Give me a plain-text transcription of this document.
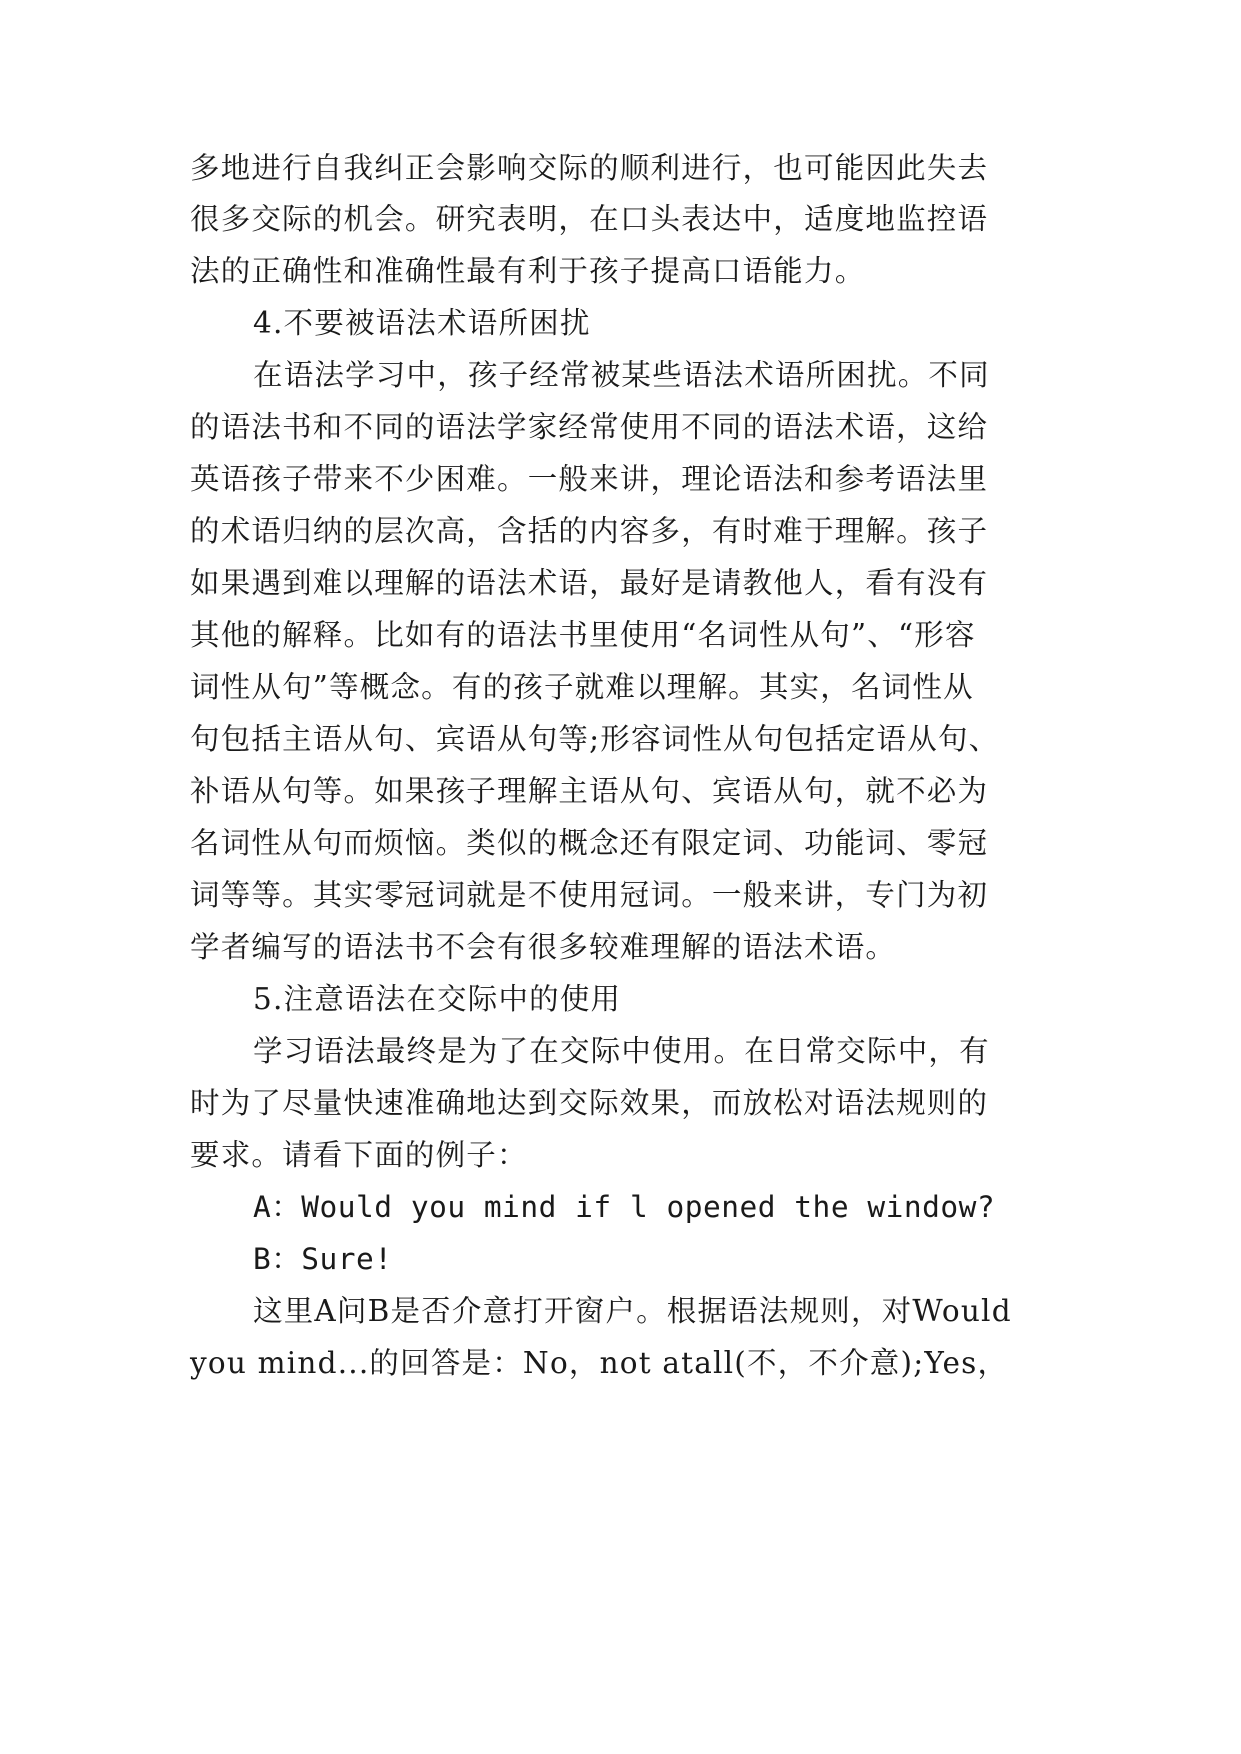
多地进行自我纠正会影响交际的顺利进行，也可能因此失去
很多交际的机会。研究表明，在口头表达中，适度地监控语
法的正确性和准确性最有利于孩子提高口语能力。
4.不要被语法术语所困扰
在语法学习中，孩子经常被某些语法术语所困扰。不同
的语法书和不同的语法学家经常使用不同的语法术语，这给
英语孩子带来不少困难。一般来讲，理论语法和参考语法里
的术语归纳的层次高，含括的内容多，有时难于理解。孩子
如果遇到难以理解的语法术语，最好是请教他人，看有没有
其他的解释。比如有的语法书里使用“名词性从句”、“形容
词性从句”等概念。有的孩子就难以理解。其实，名词性从
句包括主语从句、宾语从句等;形容词性从句包括定语从句、
补语从句等。如果孩子理解主语从句、宾语从句，就不必为
名词性从句而烦恼。类似的概念还有限定词、功能词、零冠
词等等。其实零冠词就是不使用冠词。一般来讲，专门为初
学者编写的语法书不会有很多较难理解的语法术语。
5.注意语法在交际中的使用
学习语法最终是为了在交际中使用。在日常交际中，有
时为了尽量快速准确地达到交际效果，而放松对语法规则的
要求。请看下面的例子：
A：Would you mind if l opened the window?
B：Sure!
这里A问B是否介意打开窗户。根据语法规则，对Would
you mind...的回答是：No，not atall(不，不介意);Yes，
